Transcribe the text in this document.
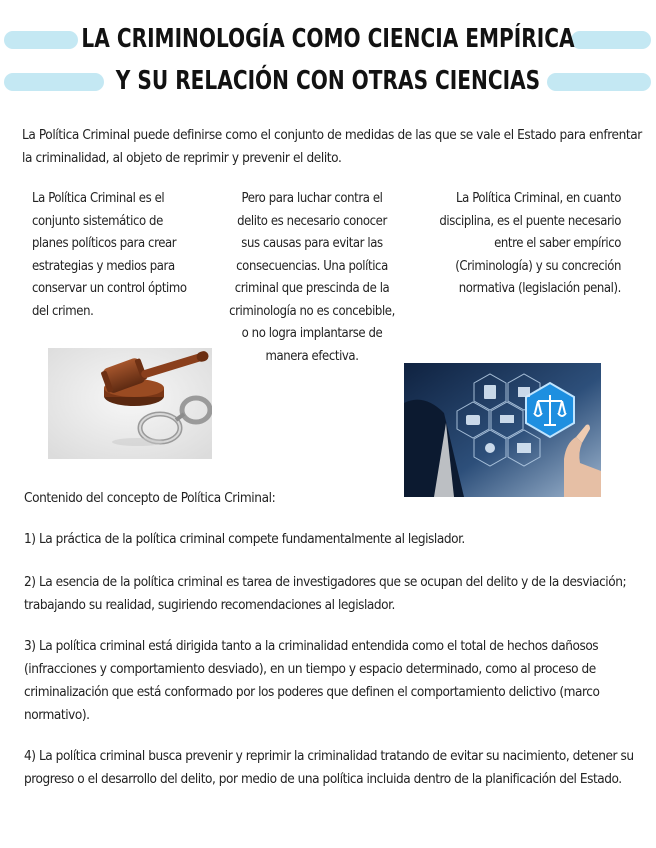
LA CRIMINOLOGÍA COMO CIENCIA EMPÍRICA
Y SU RELACIÓN CON OTRAS CIENCIAS
La Política Criminal puede definirse como el conjunto de medidas de las que se vale el Estado para enfrentar la criminalidad, al objeto de reprimir y prevenir el delito.
La Política Criminal es el conjunto sistemático de planes políticos para crear estrategias y medios para conservar un control óptimo del crimen.
Pero para luchar contra el delito es necesario conocer sus causas para evitar las consecuencias. Una política criminal que prescinda de la criminología no es concebible, o no logra implantarse de manera efectiva.
La Política Criminal, en cuanto disciplina, es el puente necesario entre el saber empírico (Criminología) y su concreción normativa (legislación penal).
Contenido del concepto de Política Criminal:
1) La práctica de la política criminal compete fundamentalmente al legislador.
2) La esencia de la política criminal es tarea de investigadores que se ocupan del delito y de la desviación; trabajando su realidad, sugiriendo recomendaciones al legislador.
3) La política criminal está dirigida tanto a la criminalidad entendida como el total de hechos dañosos (infracciones y comportamiento desviado), en un tiempo y espacio determinado, como al proceso de criminalización que está conformado por los poderes que definen el comportamiento delictivo (marco normativo).
4) La política criminal busca prevenir y reprimir la criminalidad tratando de evitar su nacimiento, detener su progreso o el desarrollo del delito, por medio de una política incluida dentro de la planificación del Estado.
